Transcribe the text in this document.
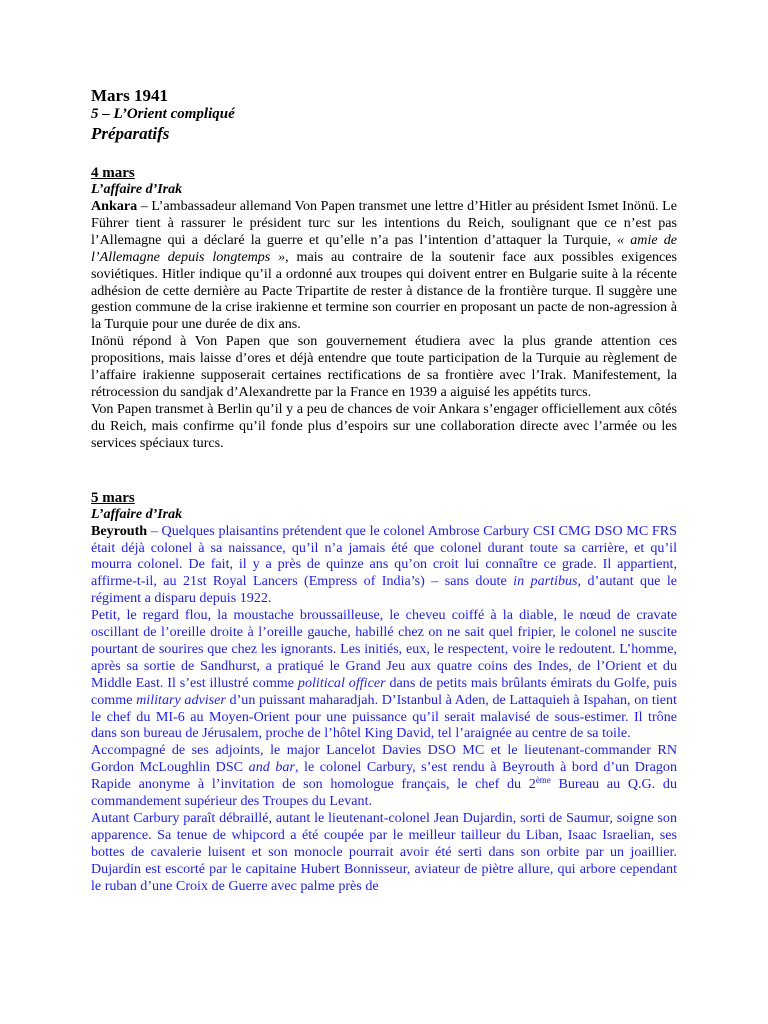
Mars 1941
5 – L’Orient compliqué
Préparatifs
4 mars
L’affaire d’Irak

Ankara – L’ambassadeur allemand Von Papen transmet une lettre d’Hitler au président Ismet Inönü. Le Führer tient à rassurer le président turc sur les intentions du Reich, soulignant que ce n’est pas l’Allemagne qui a déclaré la guerre et qu’elle n’a pas l’intention d’attaquer la Turquie, « amie de l’Allemagne depuis longtemps », mais au contraire de la soutenir face aux possibles exigences soviétiques. Hitler indique qu’il a ordonné aux troupes qui doivent entrer en Bulgarie suite à la récente adhésion de cette dernière au Pacte Tripartite de rester à distance de la frontière turque. Il suggère une gestion commune de la crise irakienne et termine son courrier en proposant un pacte de non-agression à la Turquie pour une durée de dix ans.

Inönü répond à Von Papen que son gouvernement étudiera avec la plus grande attention ces propositions, mais laisse d’ores et déjà entendre que toute participation de la Turquie au règlement de l’affaire irakienne supposerait certaines rectifications de sa frontière avec l’Irak. Manifestement, la rétrocession du sandjak d’Alexandrette par la France en 1939 a aiguisé les appétits turcs.

Von Papen transmet à Berlin qu’il y a peu de chances de voir Ankara s’engager officiellement aux côtés du Reich, mais confirme qu’il fonde plus d’espoirs sur une collaboration directe avec l’armée ou les services spéciaux turcs.

5 mars
L’affaire d’Irak

Beyrouth – Quelques plaisantins prétendent que le colonel Ambrose Carbury CSI CMG DSO MC FRS était déjà colonel à sa naissance, qu’il n’a jamais été que colonel durant toute sa carrière, et qu’il mourra colonel. De fait, il y a près de quinze ans qu’on croit lui connaître ce grade. Il appartient, affirme-t-il, au 21st Royal Lancers (Empress of India’s) – sans doute in partibus, d’autant que le régiment a disparu depuis 1922.

Petit, le regard flou, la moustache broussailleuse, le cheveu coiffé à la diable, le nœud de cravate oscillant de l’oreille droite à l’oreille gauche, habillé chez on ne sait quel fripier, le colonel ne suscite pourtant de sourires que chez les ignorants. Les initiés, eux, le respectent, voire le redoutent. L’homme, après sa sortie de Sandhurst, a pratiqué le Grand Jeu aux quatre coins des Indes, de l’Orient et du Middle East. Il s’est illustré comme political officer dans de petits mais brûlants émirats du Golfe, puis comme military adviser d’un puissant maharadjah. D’Istanbul à Aden, de Lattaquieh à Ispahan, on tient le chef du MI-6 au Moyen-Orient pour une puissance qu’il serait malavisé de sous-estimer. Il trône dans son bureau de Jérusalem, proche de l’hôtel King David, tel l’araignée au centre de sa toile.

Accompagné de ses adjoints, le major Lancelot Davies DSO MC et le lieutenant-commander RN Gordon McLoughlin DSC and bar, le colonel Carbury, s’est rendu à Beyrouth à bord d’un Dragon Rapide anonyme à l’invitation de son homologue français, le chef du 2ème Bureau au Q.G. du commandement supérieur des Troupes du Levant.

Autant Carbury paraît débraillé, autant le lieutenant-colonel Jean Dujardin, sorti de Saumur, soigne son apparence. Sa tenue de whipcord a été coupée par le meilleur tailleur du Liban, Isaac Israelian, ses bottes de cavalerie luisent et son monocle pourrait avoir été serti dans son orbite par un joaillier. Dujardin est escorté par le capitaine Hubert Bonnisseur, aviateur de piètre allure, qui arbore cependant le ruban d’une Croix de Guerre avec palme près de
